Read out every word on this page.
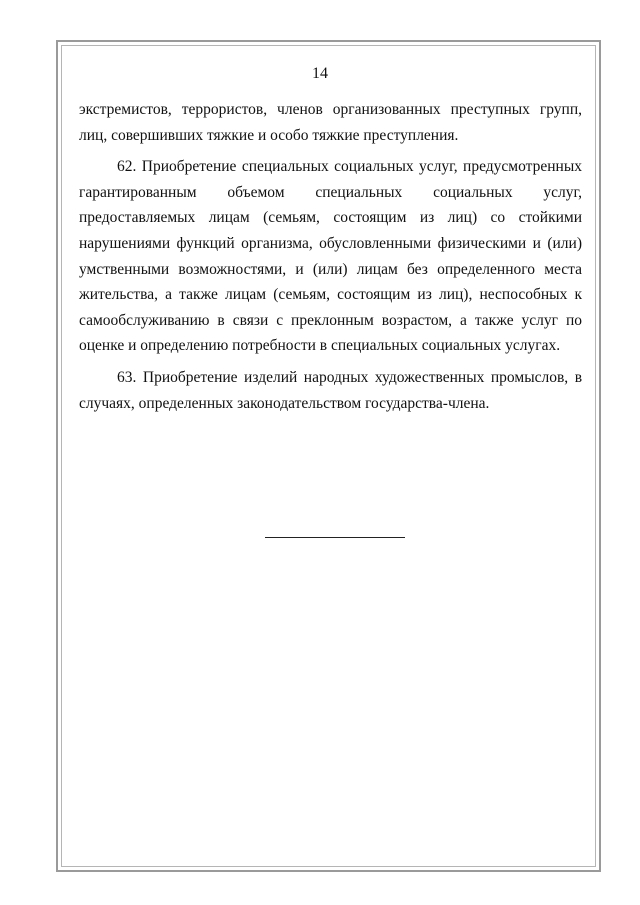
14

экстремистов, террористов, членов организованных преступных групп, лиц, совершивших тяжкие и особо тяжкие преступления.

62. Приобретение специальных социальных услуг, предусмотренных гарантированным объемом специальных социальных услуг, предоставляемых лицам (семьям, состоящим из лиц) со стойкими нарушениями функций организма, обусловленными физическими и (или) умственными возможностями, и (или) лицам без определенного места жительства, а также лицам (семьям, состоящим из лиц), неспособных к самообслуживанию в связи с преклонным возрастом, а также услуг по оценке и определению потребности в специальных социальных услугах.

63. Приобретение изделий народных художественных промыслов, в случаях, определенных законодательством государства-члена.
